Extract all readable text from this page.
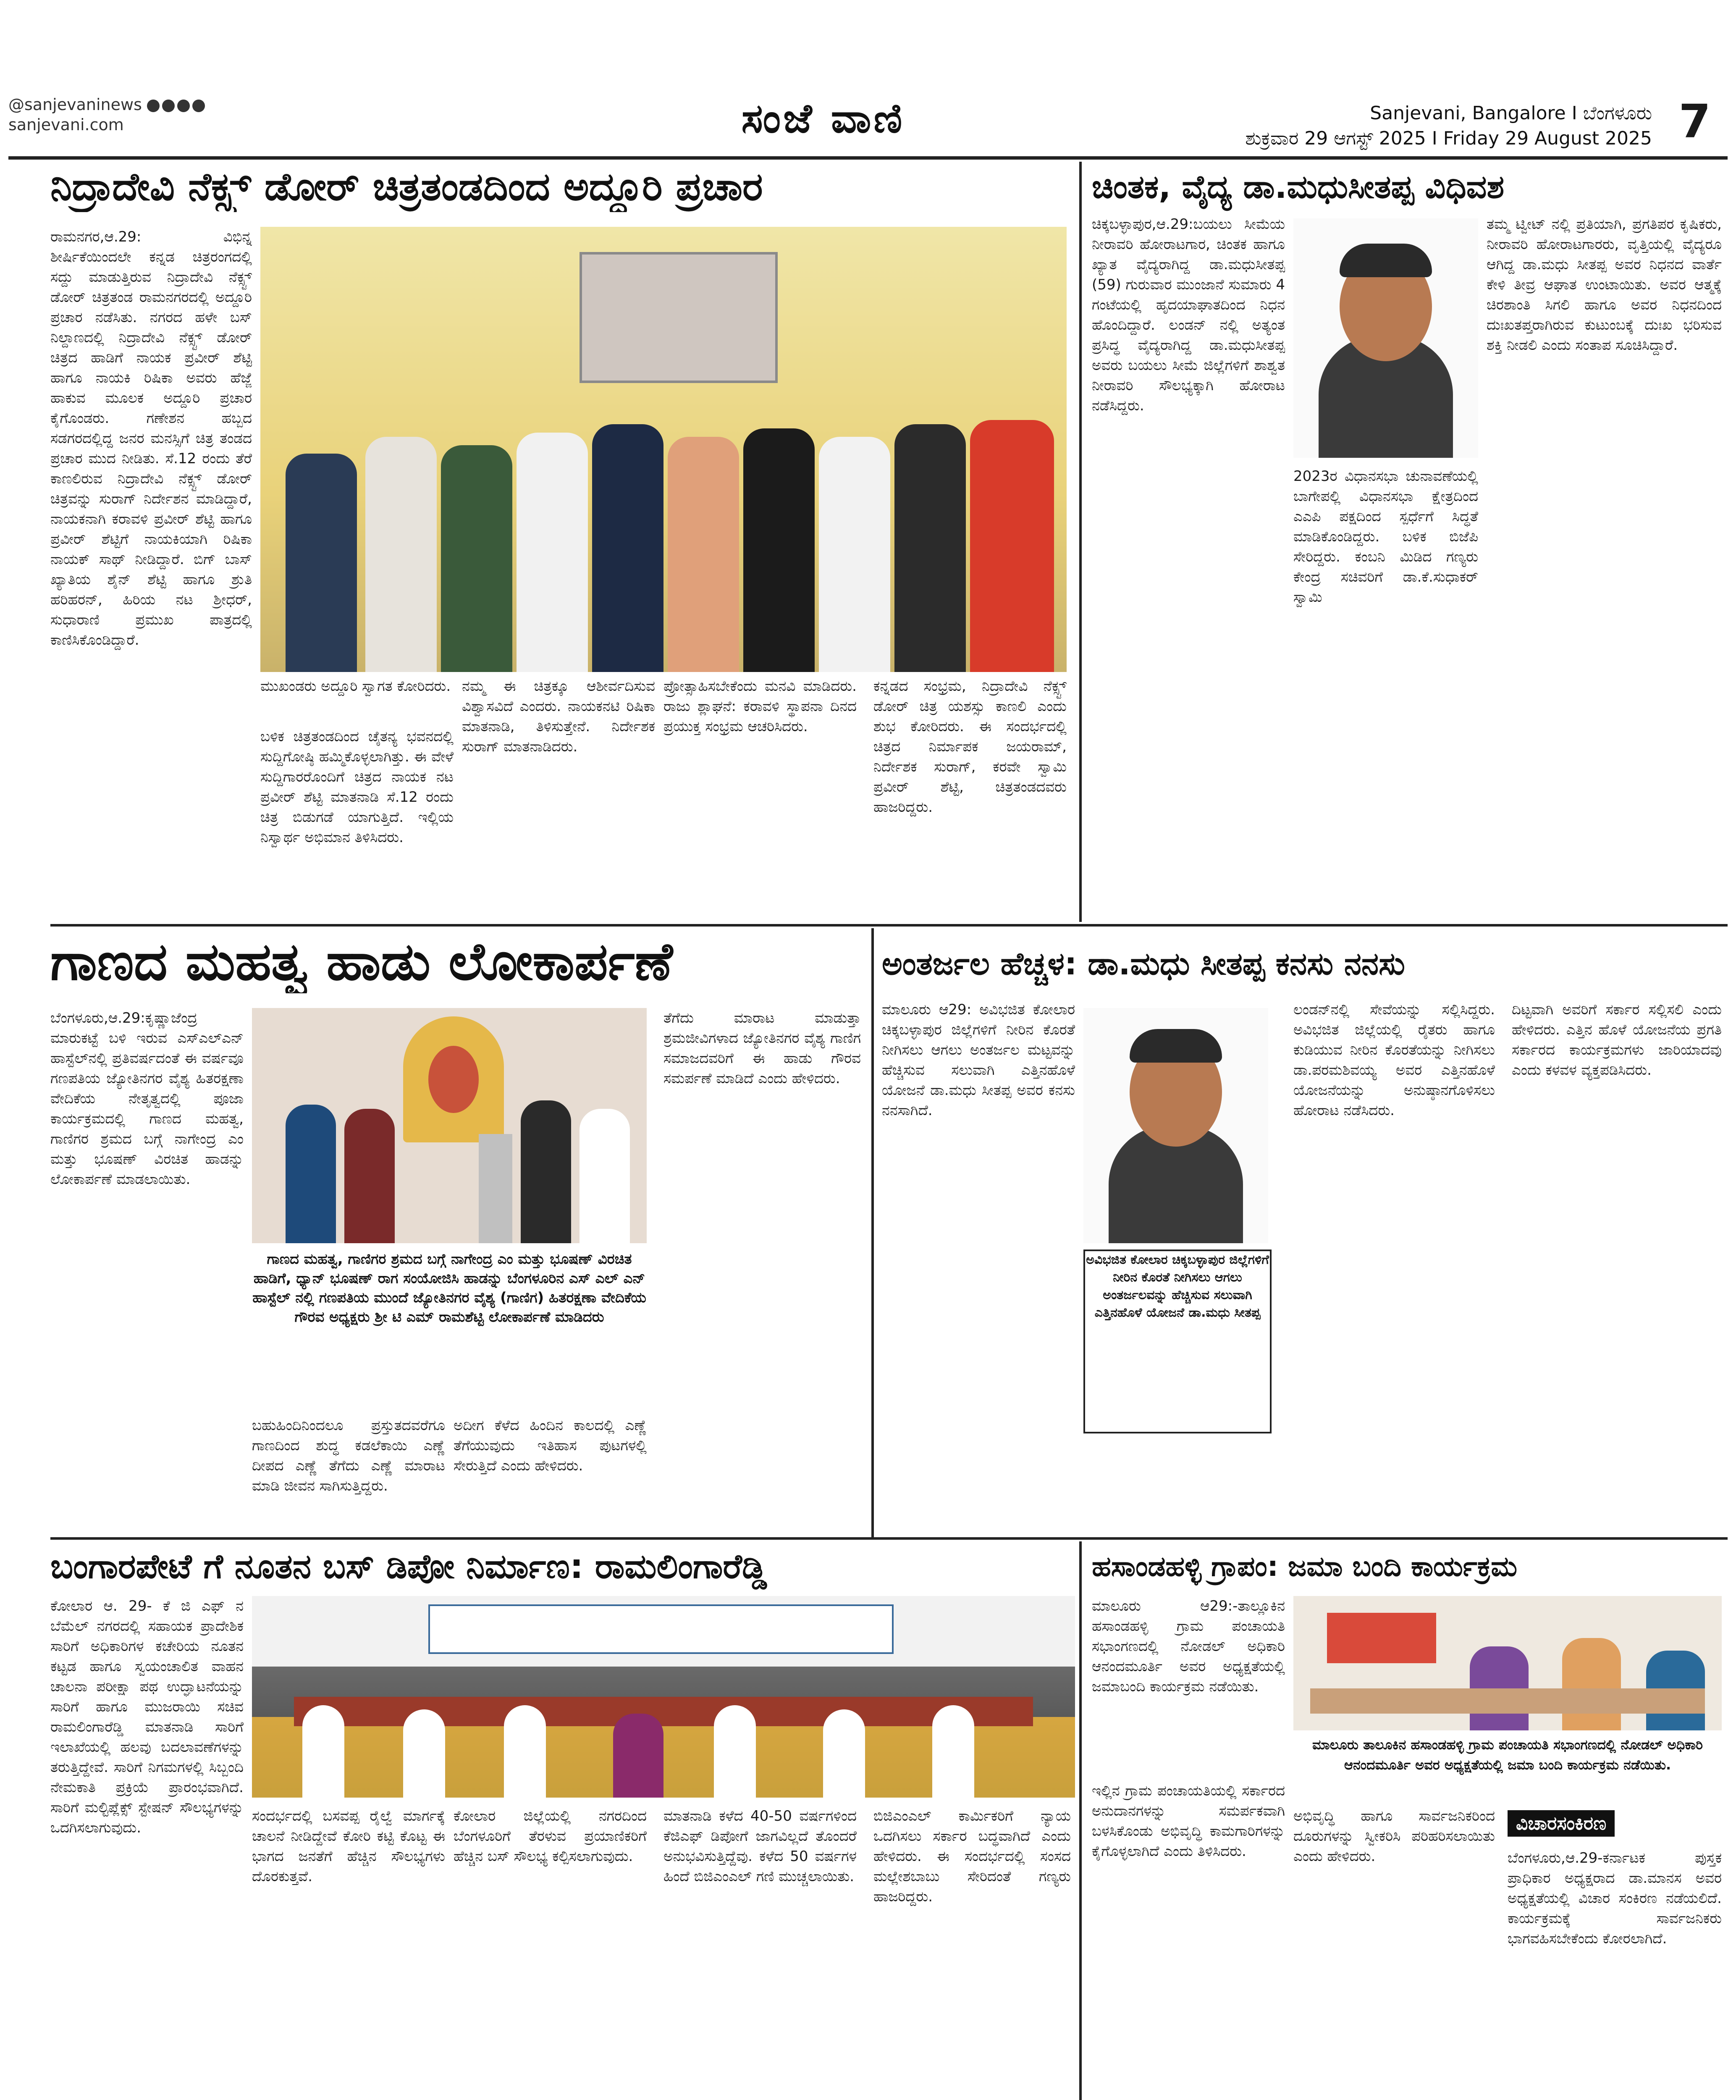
@sanjevaninews
sanjevani.com	ಸಂಜೆ ವಾಣಿ	Sanjevani, Bangalore I ಬೆಂಗಳೂರು
ಶುಕ್ರವಾರ 29 ಆಗಸ್ಟ್ 2025 I Friday 29 August 2025 7
ನಿದ್ರಾದೇವಿ ನೆಕ್ಸ್ಟ್ ಡೋರ್ ಚಿತ್ರತಂಡದಿಂದ ಅದ್ದೂರಿ ಪ್ರಚಾರ
ರಾಮನಗರ,ಆ.29: ವಿಭಿನ್ನ ಶೀರ್ಷಿಕೆಯಿಂದಲೇ ಕನ್ನಡ ಚಿತ್ರರಂಗದಲ್ಲಿ ಸದ್ದು ಮಾಡುತ್ತಿರುವ ನಿದ್ರಾದೇವಿ ನೆಕ್ಸ್ಟ್ ಡೋರ್ ಚಿತ್ರತಂಡ ರಾಮನಗರದಲ್ಲಿ ಅದ್ದೂರಿ ಪ್ರಚಾರ ನಡೆಸಿತು. ನಗರದ ಹಳೇ ಬಸ್ ನಿಲ್ದಾಣದಲ್ಲಿ ನಿದ್ರಾದೇವಿ ನೆಕ್ಸ್ಟ್ ಡೋರ್ ಚಿತ್ರದ ಹಾಡಿಗೆ ನಾಯಕ ಪ್ರವೀರ್ ಶೆಟ್ಟಿ ಹಾಗೂ ನಾಯಕಿ ರಿಷಿಕಾ ಅವರು ಹೆಜ್ಜೆ ಹಾಕುವ ಮೂಲಕ ಅದ್ದೂರಿ ಪ್ರಚಾರ ಕೈಗೊಂಡರು. ಗಣೇಶನ ಹಬ್ಬದ ಸಡಗರದಲ್ಲಿದ್ದ ಜನರ ಮನಸ್ಸಿಗೆ ಚಿತ್ರ ತಂಡದ ಪ್ರಚಾರ ಮುದ ನೀಡಿತು. ಸೆ.12 ರಂದು ತೆರೆ ಕಾಣಲಿರುವ ನಿದ್ರಾದೇವಿ ನೆಕ್ಸ್ಟ್ ಡೋರ್ ಚಿತ್ರವನ್ನು ಸುರಾಗ್ ನಿರ್ದೇಶನ ಮಾಡಿದ್ದಾರೆ, ನಾಯಕನಾಗಿ ಕರಾವಳಿ ಪ್ರವೀರ್ ಶೆಟ್ಟಿ ಹಾಗೂ ಪ್ರವೀರ್ ಶೆಟ್ಟಿಗೆ ನಾಯಕಿಯಾಗಿ ರಿಷಿಕಾ ನಾಯಕ್ ಸಾಥ್ ನೀಡಿದ್ದಾರೆ. ಬಿಗ್ ಬಾಸ್ ಖ್ಯಾತಿಯ ಶೈನ್ ಶೆಟ್ಟಿ ಹಾಗೂ ಶ್ರುತಿ ಹರಿಹರನ್, ಹಿರಿಯ ನಟ ಶ್ರೀಧರ್, ಸುಧಾರಾಣಿ ಪ್ರಮುಖ ಪಾತ್ರದಲ್ಲಿ ಕಾಣಿಸಿಕೊಂಡಿದ್ದಾರೆ.
ಮುಖಂಡರು ಅದ್ದೂರಿ ಸ್ವಾಗತ ಕೋರಿದರು.
ಬಳಿಕ ಚಿತ್ರತಂಡದಿಂದ ಚೈತನ್ಯ ಭವನದಲ್ಲಿ ಸುದ್ದಿಗೋಷ್ಠಿ ಹಮ್ಮಿಕೊಳ್ಳಲಾಗಿತ್ತು. ಈ ವೇಳೆ ಸುದ್ದಿಗಾರರೊಂದಿಗೆ ಚಿತ್ರದ ನಾಯಕ ನಟ ಪ್ರವೀರ್ ಶೆಟ್ಟಿ ಮಾತನಾಡಿ ಸೆ.12 ರಂದು ಚಿತ್ರ ಬಿಡುಗಡೆ ಯಾಗುತ್ತಿದೆ. ಇಲ್ಲಿಯ ನಿಸ್ವಾರ್ಥ ಅಭಿಮಾನ ತಿಳಿಸಿದರು.
ನಮ್ಮ ಈ ಚಿತ್ರಕ್ಕೂ ಆಶೀರ್ವದಿಸುವ ವಿಶ್ವಾಸವಿದೆ ಎಂದರು. ನಾಯಕನಟಿ ರಿಷಿಕಾ ಮಾತನಾಡಿ, ತಿಳಿಸುತ್ತೇನೆ. ನಿರ್ದೇಶಕ ಸುರಾಗ್ ಮಾತನಾಡಿದರು.
ಪ್ರೋತ್ಸಾಹಿಸಬೇಕೆಂದು ಮನವಿ ಮಾಡಿದರು. ರಾಜು ಶ್ಲಾಘನೆ: ಕರಾವಳಿ ಸ್ಥಾಪನಾ ದಿನದ ಪ್ರಯುಕ್ತ ಸಂಭ್ರಮ ಆಚರಿಸಿದರು.
ಕನ್ನಡದ ಸಂಭ್ರಮ, ನಿದ್ರಾದೇವಿ ನೆಕ್ಸ್ಟ್ ಡೋರ್ ಚಿತ್ರ ಯಶಸ್ಸು ಕಾಣಲಿ ಎಂದು ಶುಭ ಕೋರಿದರು. ಈ ಸಂದರ್ಭದಲ್ಲಿ ಚಿತ್ರದ ನಿರ್ಮಾಪಕ ಜಯರಾಮ್, ನಿರ್ದೇಶಕ ಸುರಾಗ್, ಕರವೇ ಸ್ವಾಮಿ ಪ್ರವೀರ್ ಶೆಟ್ಟಿ, ಚಿತ್ರತಂಡದವರು ಹಾಜರಿದ್ದರು.
ಚಿಂತಕ, ವೈದ್ಯ ಡಾ.ಮಧುಸೀತಪ್ಪ ವಿಧಿವಶ
ಚಿಕ್ಕಬಳ್ಳಾಪುರ,ಆ.29:ಬಯಲು ಸೀಮೆಯ ನೀರಾವರಿ ಹೋರಾಟಗಾರ, ಚಿಂತಕ ಹಾಗೂ ಖ್ಯಾತ ವೈದ್ಯರಾಗಿದ್ದ ಡಾ.ಮಧುಸೀತಪ್ಪ (59) ಗುರುವಾರ ಮುಂಜಾನೆ ಸುಮಾರು 4 ಗಂಟೆಯಲ್ಲಿ ಹೃದಯಾಘಾತದಿಂದ ನಿಧನ ಹೊಂದಿದ್ದಾರೆ. ಲಂಡನ್ ನಲ್ಲಿ ಅತ್ಯಂತ ಪ್ರಸಿದ್ಧ ವೈದ್ಯರಾಗಿದ್ದ ಡಾ.ಮಧುಸೀತಪ್ಪ ಅವರು ಬಯಲು ಸೀಮೆ ಜಿಲ್ಲೆಗಳಿಗೆ ಶಾಶ್ವತ ನೀರಾವರಿ ಸೌಲಭ್ಯಕ್ಕಾಗಿ ಹೋರಾಟ ನಡೆಸಿದ್ದರು.
2023ರ ವಿಧಾನಸಭಾ ಚುನಾವಣೆಯಲ್ಲಿ ಬಾಗೇಪಲ್ಲಿ ವಿಧಾನಸಭಾ ಕ್ಷೇತ್ರದಿಂದ ಎಎಪಿ ಪಕ್ಷದಿಂದ ಸ್ಪರ್ಧೆಗೆ ಸಿದ್ಧತೆ ಮಾಡಿಕೊಂಡಿದ್ದರು. ಬಳಿಕ ಬಿಜೆಪಿ ಸೇರಿದ್ದರು. ಕಂಬನಿ ಮಿಡಿದ ಗಣ್ಯರು ಕೇಂದ್ರ ಸಚಿವರಿಗೆ ಡಾ.ಕೆ.ಸುಧಾಕರ್ ಸ್ವಾಮಿ
ತಮ್ಮ ಟ್ವೀಟ್ ನಲ್ಲಿ ಪ್ರತಿಯಾಗಿ, ಪ್ರಗತಿಪರ ಕೃಷಿಕರು, ನೀರಾವರಿ ಹೋರಾಟಗಾರರು, ವೃತ್ತಿಯಲ್ಲಿ ವೈದ್ಯರೂ ಆಗಿದ್ದ ಡಾ.ಮಧು ಸೀತಪ್ಪ ಅವರ ನಿಧನದ ವಾರ್ತೆ ಕೇಳಿ ತೀವ್ರ ಆಘಾತ ಉಂಟಾಯಿತು. ಅವರ ಆತ್ಮಕ್ಕೆ ಚಿರಶಾಂತಿ ಸಿಗಲಿ ಹಾಗೂ ಅವರ ನಿಧನದಿಂದ ದುಃಖತಪ್ತರಾಗಿರುವ ಕುಟುಂಬಕ್ಕೆ ದುಃಖ ಭರಿಸುವ ಶಕ್ತಿ ನೀಡಲಿ ಎಂದು ಸಂತಾಪ ಸೂಚಿಸಿದ್ದಾರೆ.
ಗಾಣದ ಮಹತ್ವ ಹಾಡು ಲೋಕಾರ್ಪಣೆ
ಬೆಂಗಳೂರು,ಆ.29:ಕೃಷ್ಣಾಜೆಂದ್ರ ಮಾರುಕಟ್ಟೆ ಬಳಿ ಇರುವ ಎಸ್‌ಎಲ್‌ಎನ್ ಹಾಸ್ಟೆಲ್‌ನಲ್ಲಿ ಪ್ರತಿವರ್ಷದಂತೆ ಈ ವರ್ಷವೂ ಗಣಪತಿಯ ಜ್ಯೋತಿನಗರ ವೈಶ್ಯ ಹಿತರಕ್ಷಣಾ ವೇದಿಕೆಯ ನೇತೃತ್ವದಲ್ಲಿ ಪೂಜಾ ಕಾರ್ಯಕ್ರಮದಲ್ಲಿ ಗಾಣದ ಮಹತ್ವ, ಗಾಣಿಗರ ಶ್ರಮದ ಬಗ್ಗೆ ನಾಗೇಂದ್ರ ಎಂ ಮತ್ತು ಭೂಷಣ್ ವಿರಚಿತ ಹಾಡನ್ನು ಲೋಕಾರ್ಪಣೆ ಮಾಡಲಾಯಿತು.
ಗಾಣದ ಮಹತ್ವ, ಗಾಣಿಗರ ಶ್ರಮದ ಬಗ್ಗೆ ನಾಗೇಂದ್ರ ಎಂ ಮತ್ತು ಭೂಷಣ್ ವಿರಚಿತ ಹಾಡಿಗೆ, ಧ್ಯಾನ್ ಭೂಷಣ್ ರಾಗ ಸಂಯೋಜಿಸಿ ಹಾಡನ್ನು ಬೆಂಗಳೂರಿನ ಎಸ್ ಎಲ್ ಎನ್ ಹಾಸ್ಟೆಲ್ ನಲ್ಲಿ ಗಣಪತಿಯ ಮುಂದೆ ಜ್ಯೋತಿನಗರ ವೈಶ್ಯ (ಗಾಣಿಗ) ಹಿತರಕ್ಷಣಾ ವೇದಿಕೆಯ ಗೌರವ ಅಧ್ಯಕ್ಷರು ಶ್ರೀ ಟಿ ಎಮ್ ರಾಮಶೆಟ್ಟಿ ಲೋಕಾರ್ಪಣೆ ಮಾಡಿದರು
ಬಹುಹಿಂದಿನಿಂದಲೂ ಪ್ರಸ್ತುತದವರೆಗೂ ಗಾಣದಿಂದ ಶುದ್ಧ ಕಡಲೆಕಾಯಿ ಎಣ್ಣೆ ದೀಪದ ಎಣ್ಣೆ ತೆಗೆದು ಎಣ್ಣೆ ಮಾರಾಟ ಮಾಡಿ ಜೀವನ ಸಾಗಿಸುತ್ತಿದ್ದರು.
ಅದೀಗ ಕೆಳೆದ ಹಿಂದಿನ ಕಾಲದಲ್ಲಿ ಎಣ್ಣೆ ತೆಗೆಯುವುದು ಇತಿಹಾಸ ಪುಟಗಳಲ್ಲಿ ಸೇರುತ್ತಿದೆ ಎಂದು ಹೇಳಿದರು.
ತೆಗೆದು ಮಾರಾಟ ಮಾಡುತ್ತಾ ಶ್ರಮಜೀವಿಗಳಾದ ಜ್ಯೋತಿನಗರ ವೈಶ್ಯ ಗಾಣಿಗ ಸಮಾಜದವರಿಗೆ ಈ ಹಾಡು ಗೌರವ ಸಮರ್ಪಣೆ ಮಾಡಿದೆ ಎಂದು ಹೇಳಿದರು.
ಅಂತರ್ಜಲ ಹೆಚ್ಚಳ: ಡಾ.ಮಧು ಸೀತಪ್ಪ ಕನಸು ನನಸು
ಮಾಲೂರು ಆ29: ಅವಿಭಜಿತ ಕೋಲಾರ ಚಿಕ್ಕಬಳ್ಳಾಪುರ ಜಿಲ್ಲೆಗಳಿಗೆ ನೀರಿನ ಕೊರತೆ ನೀಗಿಸಲು ಆಗಲು ಅಂತರ್ಜಲ ಮಟ್ಟವನ್ನು ಹೆಚ್ಚಿಸುವ ಸಲುವಾಗಿ ಎತ್ತಿನಹೊಳೆ ಯೋಜನೆ ಡಾ.ಮಧು ಸೀತಪ್ಪ ಅವರ ಕನಸು ನನಸಾಗಿದೆ.
ಅವಿಭಜಿತ ಕೋಲಾರ ಚಿಕ್ಕಬಳ್ಳಾಪುರ ಜಿಲ್ಲೆಗಳಿಗೆ ನೀರಿನ ಕೊರತೆ ನೀಗಿಸಲು ಆಗಲು ಅಂತರ್ಜಲವನ್ನು ಹೆಚ್ಚಿಸುವ ಸಲುವಾಗಿ ಎತ್ತಿನಹೊಳೆ ಯೋಜನೆ ಡಾ.ಮಧು ಸೀತಪ್ಪ
ಲಂಡನ್‌ನಲ್ಲಿ ಸೇವೆಯನ್ನು ಸಲ್ಲಿಸಿದ್ದರು. ಅವಿಭಜಿತ ಜಿಲ್ಲೆಯಲ್ಲಿ ರೈತರು ಹಾಗೂ ಕುಡಿಯುವ ನೀರಿನ ಕೊರತೆಯನ್ನು ನೀಗಿಸಲು ಡಾ.ಪರಮಶಿವಯ್ಯ ಅವರ ಎತ್ತಿನಹೊಳೆ ಯೋಜನೆಯನ್ನು ಅನುಷ್ಠಾನಗೊಳಿಸಲು ಹೋರಾಟ ನಡೆಸಿದರು.
ದಿಟ್ಟವಾಗಿ ಅವರಿಗೆ ಸರ್ಕಾರ ಸಲ್ಲಿಸಲಿ ಎಂದು ಹೇಳಿದರು. ಎತ್ತಿನ ಹೊಳೆ ಯೋಜನೆಯ ಪ್ರಗತಿ ಸರ್ಕಾರದ ಕಾರ್ಯಕ್ರಮಗಳು ಜಾರಿಯಾದವು ಎಂದು ಕಳವಳ ವ್ಯಕ್ತಪಡಿಸಿದರು.
ಬಂಗಾರಪೇಟೆ ಗೆ ನೂತನ ಬಸ್ ಡಿಪೋ ನಿರ್ಮಾಣ: ರಾಮಲಿಂಗಾರೆಡ್ಡಿ
ಕೋಲಾರ ಆ. 29- ಕೆ ಜಿ ಎಫ್ ನ ಬೆಮೆಲ್ ನಗರದಲ್ಲಿ ಸಹಾಯಕ ಪ್ರಾದೇಶಿಕ ಸಾರಿಗೆ ಅಧಿಕಾರಿಗಳ ಕಚೇರಿಯ ನೂತನ ಕಟ್ಟಡ ಹಾಗೂ ಸ್ವಯಂಚಾಲಿತ ವಾಹನ ಚಾಲನಾ ಪರೀಕ್ಷಾ ಪಥ ಉದ್ಘಾಟನೆಯನ್ನು ಸಾರಿಗೆ ಹಾಗೂ ಮುಜರಾಯಿ ಸಚಿವ ರಾಮಲಿಂಗಾರೆಡ್ಡಿ ಮಾತನಾಡಿ ಸಾರಿಗೆ ಇಲಾಖೆಯಲ್ಲಿ ಹಲವು ಬದಲಾವಣೆಗಳನ್ನು ತರುತ್ತಿದ್ದೇವೆ. ಸಾರಿಗೆ ನಿಗಮಗಳಲ್ಲಿ ಸಿಬ್ಬಂದಿ ನೇಮಕಾತಿ ಪ್ರಕ್ರಿಯೆ ಪ್ರಾರಂಭವಾಗಿದೆ. ಸಾರಿಗೆ ಮಲ್ಟಿಪ್ಲೆಕ್ಸ್ ಸ್ಟೇಷನ್ ಸೌಲಭ್ಯಗಳನ್ನು ಒದಗಿಸಲಾಗುವುದು.
ಸಂದರ್ಭದಲ್ಲಿ ಬಸವಪ್ಪ ರೈಲ್ವೆ ಮಾರ್ಗಕ್ಕೆ ಚಾಲನೆ ನೀಡಿದ್ದೇವೆ ಕೋರಿ ಕಟ್ಟಿ ಕೊಟ್ಟ ಈ ಭಾಗದ ಜನತೆಗೆ ಹೆಚ್ಚಿನ ಸೌಲಭ್ಯಗಳು ದೊರಕುತ್ತವೆ.
ಕೋಲಾರ ಜಿಲ್ಲೆಯಲ್ಲಿ ನಗರದಿಂದ ಬೆಂಗಳೂರಿಗೆ ತೆರಳುವ ಪ್ರಯಾಣಿಕರಿಗೆ ಹೆಚ್ಚಿನ ಬಸ್ ಸೌಲಭ್ಯ ಕಲ್ಪಿಸಲಾಗುವುದು.
ಮಾತನಾಡಿ ಕಳೆದ 40-50 ವರ್ಷಗಳಿಂದ ಕೆಜಿಎಫ್ ಡಿಪೋಗೆ ಜಾಗವಿಲ್ಲದೆ ತೊಂದರೆ ಅನುಭವಿಸುತ್ತಿದ್ದೆವು. ಕಳೆದ 50 ವರ್ಷಗಳ ಹಿಂದೆ ಬಿಜಿಎಂಎಲ್ ಗಣಿ ಮುಚ್ಚಲಾಯಿತು.
ಬಿಜಿಎಂಎಲ್ ಕಾರ್ಮಿಕರಿಗೆ ನ್ಯಾಯ ಒದಗಿಸಲು ಸರ್ಕಾರ ಬದ್ಧವಾಗಿದೆ ಎಂದು ಹೇಳಿದರು. ಈ ಸಂದರ್ಭದಲ್ಲಿ ಸಂಸದ ಮಲ್ಲೇಶಬಾಬು ಸೇರಿದಂತೆ ಗಣ್ಯರು ಹಾಜರಿದ್ದರು.
ಹಸಾಂಡಹಳ್ಳಿ ಗ್ರಾಪಂ: ಜಮಾ ಬಂದಿ ಕಾರ್ಯಕ್ರಮ
ಮಾಲೂರು ಆ29:-ತಾಲ್ಲೂಕಿನ ಹಸಾಂಡಹಳ್ಳಿ ಗ್ರಾಮ ಪಂಚಾಯತಿ ಸಭಾಂಗಣದಲ್ಲಿ ನೋಡಲ್ ಅಧಿಕಾರಿ ಆನಂದಮೂರ್ತಿ ಅವರ ಅಧ್ಯಕ್ಷತೆಯಲ್ಲಿ ಜಮಾಬಂದಿ ಕಾರ್ಯಕ್ರಮ ನಡೆಯಿತು.
ಮಾಲೂರು ತಾಲೂಕಿನ ಹಸಾಂಡಹಳ್ಳಿ ಗ್ರಾಮ ಪಂಚಾಯತಿ ಸಭಾಂಗಣದಲ್ಲಿ ನೋಡಲ್ ಅಧಿಕಾರಿ ಆನಂದಮೂರ್ತಿ ಅವರ ಅಧ್ಯಕ್ಷತೆಯಲ್ಲಿ ಜಮಾ ಬಂದಿ ಕಾರ್ಯಕ್ರಮ ನಡೆಯಿತು.
ಇಲ್ಲಿನ ಗ್ರಾಮ ಪಂಚಾಯತಿಯಲ್ಲಿ ಸರ್ಕಾರದ ಅನುದಾನಗಳನ್ನು ಸಮರ್ಪಕವಾಗಿ ಬಳಸಿಕೊಂಡು ಅಭಿವೃದ್ಧಿ ಕಾಮಗಾರಿಗಳನ್ನು ಕೈಗೊಳ್ಳಲಾಗಿದೆ ಎಂದು ತಿಳಿಸಿದರು.
ಅಭಿವೃದ್ಧಿ ಹಾಗೂ ಸಾರ್ವಜನಿಕರಿಂದ ದೂರುಗಳನ್ನು ಸ್ವೀಕರಿಸಿ ಪರಿಹರಿಸಲಾಯಿತು ಎಂದು ಹೇಳಿದರು.
ವಿಚಾರಸಂಕಿರಣ
ಬೆಂಗಳೂರು,ಆ.29-ಕರ್ನಾಟಕ ಪುಸ್ತಕ ಪ್ರಾಧಿಕಾರ ಅಧ್ಯಕ್ಷರಾದ ಡಾ.ಮಾನಸ ಅವರ ಅಧ್ಯಕ್ಷತೆಯಲ್ಲಿ ವಿಚಾರ ಸಂಕಿರಣ ನಡೆಯಲಿದೆ. ಕಾರ್ಯಕ್ರಮಕ್ಕೆ ಸಾರ್ವಜನಿಕರು ಭಾಗವಹಿಸಬೇಕೆಂದು ಕೋರಲಾಗಿದೆ.
